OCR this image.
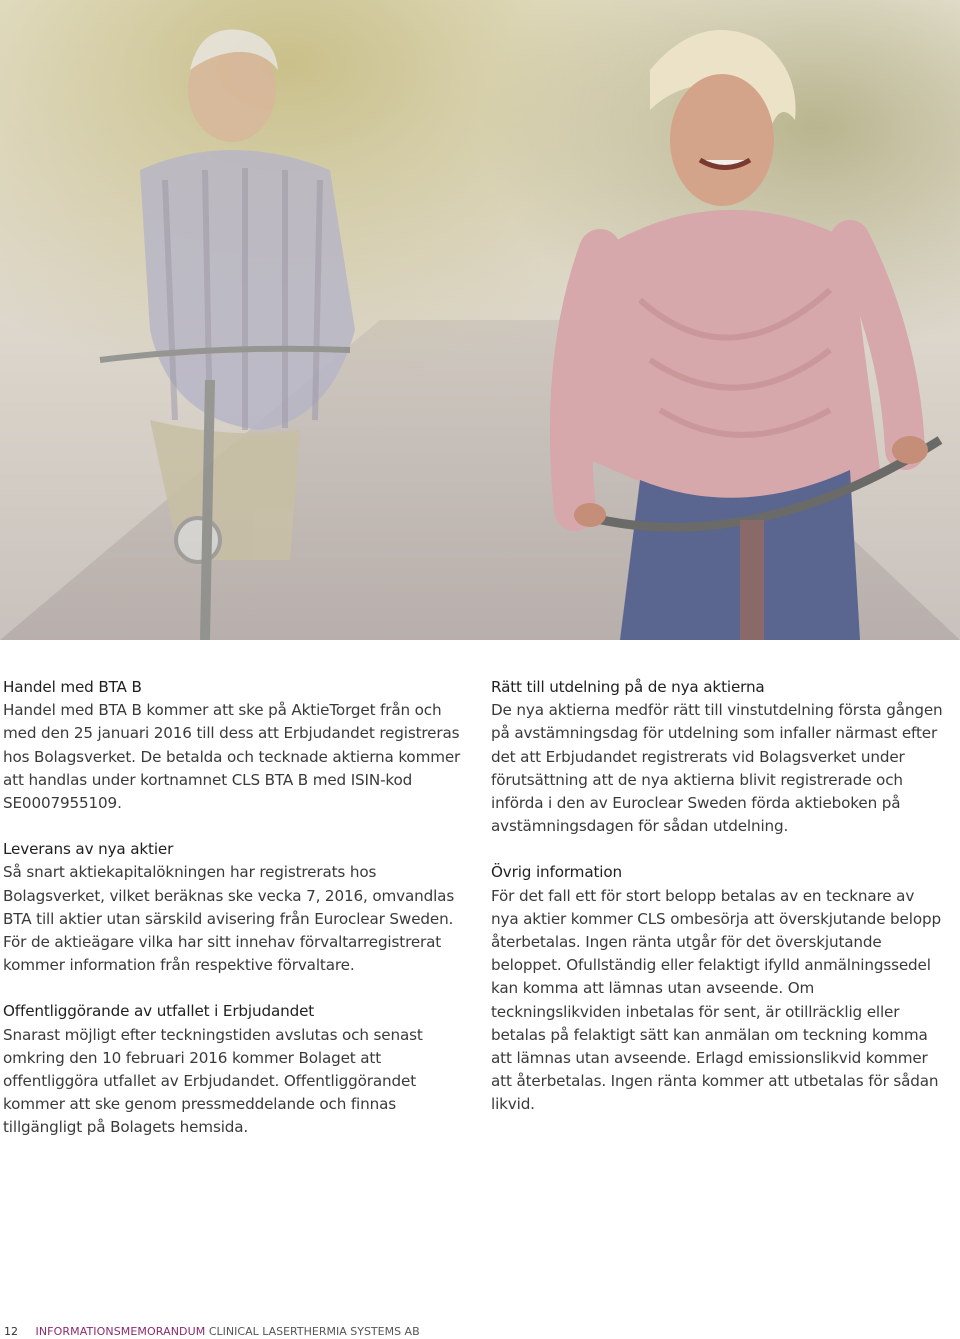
Handel med BTA B
Handel med BTA B kommer att ske på AktieTorget från och med den 25 januari 2016 till dess att Erbjudandet registreras hos Bolagsverket. De betalda och tecknade aktierna kommer att handlas under kortnamnet CLS BTA B med ISIN-kod SE0007955109.
Leverans av nya aktier
Så snart aktiekapitalökningen har registrerats hos Bolagsverket, vilket beräknas ske vecka 7, 2016, omvandlas BTA till aktier utan särskild avisering från Euroclear Sweden. För de aktieägare vilka har sitt innehav förvaltarregistrerat kommer information från respektive förvaltare.
Offentliggörande av utfallet i Erbjudandet
Snarast möjligt efter teckningstiden avslutas och senast omkring den 10 februari 2016 kommer Bolaget att offentliggöra utfallet av Erbjudandet. Offentliggörandet kommer att ske genom pressmeddelande och finnas tillgängligt på Bolagets hemsida.
Rätt till utdelning på de nya aktierna
De nya aktierna medför rätt till vinstutdelning första gången på avstämningsdag för utdelning som infaller närmast efter det att Erbjudandet registrerats vid Bolagsverket under förutsättning att de nya aktierna blivit registrerade och införda i den av Euroclear Sweden förda aktieboken på avstämningsdagen för sådan utdelning.
Övrig information
För det fall ett för stort belopp betalas av en tecknare av nya aktier kommer CLS ombesörja att överskjutande belopp återbetalas. Ingen ränta utgår för det överskjutande beloppet. Ofullständig eller felaktigt ifylld anmälningssedel kan komma att lämnas utan avseende. Om teckningslikviden inbetalas för sent, är otillräcklig eller betalas på felaktigt sätt kan anmälan om teckning komma att lämnas utan avseende. Erlagd emissionslikvid kommer att återbetalas. Ingen ränta kommer att utbetalas för sådan likvid.
12 INFORMATIONSMEMORANDUM CLINICAL LASERTHERMIA SYSTEMS AB
